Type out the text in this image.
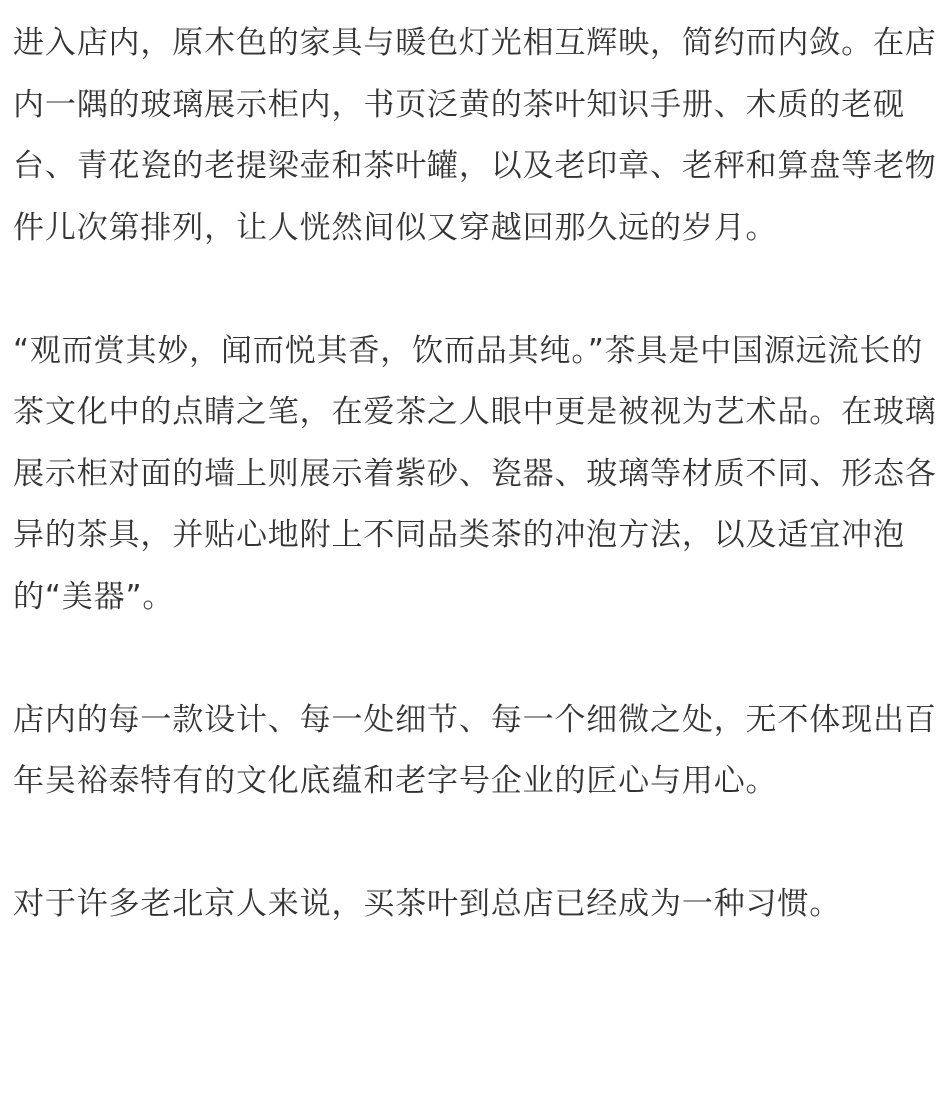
进入店内，原木色的家具与暖色灯光相互辉映，简约而内敛。在店内一隅的玻璃展示柜内，书页泛黄的茶叶知识手册、木质的老砚台、青花瓷的老提梁壶和茶叶罐，以及老印章、老秤和算盘等老物件儿次第排列，让人恍然间似又穿越回那久远的岁月。

“观而赏其妙，闻而悦其香，饮而品其纯。”茶具是中国源远流长的茶文化中的点睛之笔，在爱茶之人眼中更是被视为艺术品。在玻璃展示柜对面的墙上则展示着紫砂、瓷器、玻璃等材质不同、形态各异的茶具，并贴心地附上不同品类茶的冲泡方法，以及适宜冲泡的“美器”。

店内的每一款设计、每一处细节、每一个细微之处，无不体现出百年吴裕泰特有的文化底蕴和老字号企业的匠心与用心。

对于许多老北京人来说，买茶叶到总店已经成为一种习惯。
